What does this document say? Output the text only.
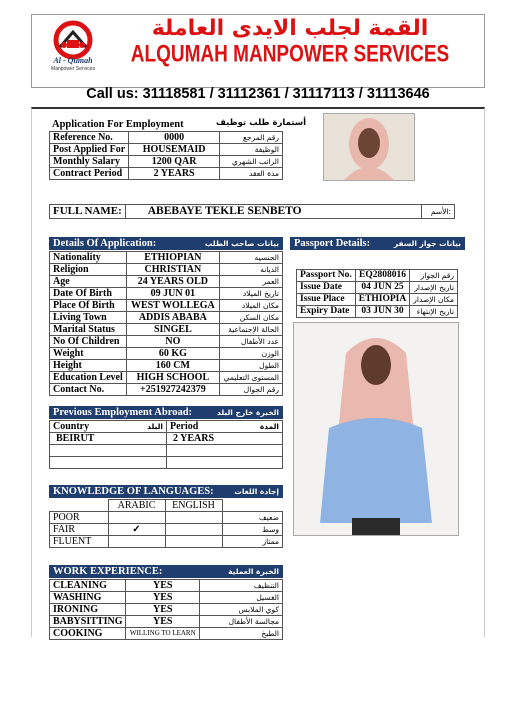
Al - Qumah
Manpower Services
القمة لجلب الايدى العاملة
ALQUMAH MANPOWER SERVICES
Call us: 31118581 / 31112361 / 31117113 / 31113646
Application For Employment	أستمارة طلب توظيف
Reference No.	0000	رقم المرجع
Post Applied For	HOUSEMAID	الوظيفة
Monthly Salary	1200 QAR	الراتب الشهري
Contract Period	2 YEARS	مدة العقد
FULL NAME:	ABEBAYE TEKLE SENBETO	الأسم:
Details Of Application:	بيانات صاحب الطلب
Nationality	ETHIOPIAN	الجنسيه
Religion	CHRISTIAN	الديانه
Age	24 YEARS OLD	العمر
Date Of Birth	09 JUN 01	تاريخ الميلاد
Place Of Birth	WEST WOLLEGA	مكان الميلاد
Living Town	ADDIS ABABA	مكان السكن
Marital Status	SINGEL	الحالة الإجتماعية
No Of Children	NO	عدد الأطفال
Weight	60 KG	الوزن
Height	160 CM	الطول
Education Level	HIGH SCHOOL	المستوى التعليمي
Contact No.	+251927242379	رقم الجوال
Passport Details:	بيانات جواز السفر
Passport No.	EQ2808016	رقم الجواز
Issue Date	04 JUN 25	تاريخ الإصدار
Issue Place	ETHIOPIA	مكان الإصدار
Expiry Date	03 JUN 30	تاريخ الإنتهاء
Previous Employment Abroad:	الخبرة خارج البلد
Country البلد	Period المدة

BEIRUT	2 YEARS

KNOWLEDGE OF LANGUAGES:	إجادة اللغات
	ARABIC	ENGLISH	
POOR			ضعيف
FAIR	✓		وسط
FLUENT			ممتاز
WORK EXPERIENCE:	الخبرة العملية
CLEANING	YES	التنظيف
WASHING	YES	الغسيل
IRONING	YES	كوي الملابس
BABYSITTING	YES	مجالسة الأطفال
COOKING	WILLING TO LEARN	الطبخ
